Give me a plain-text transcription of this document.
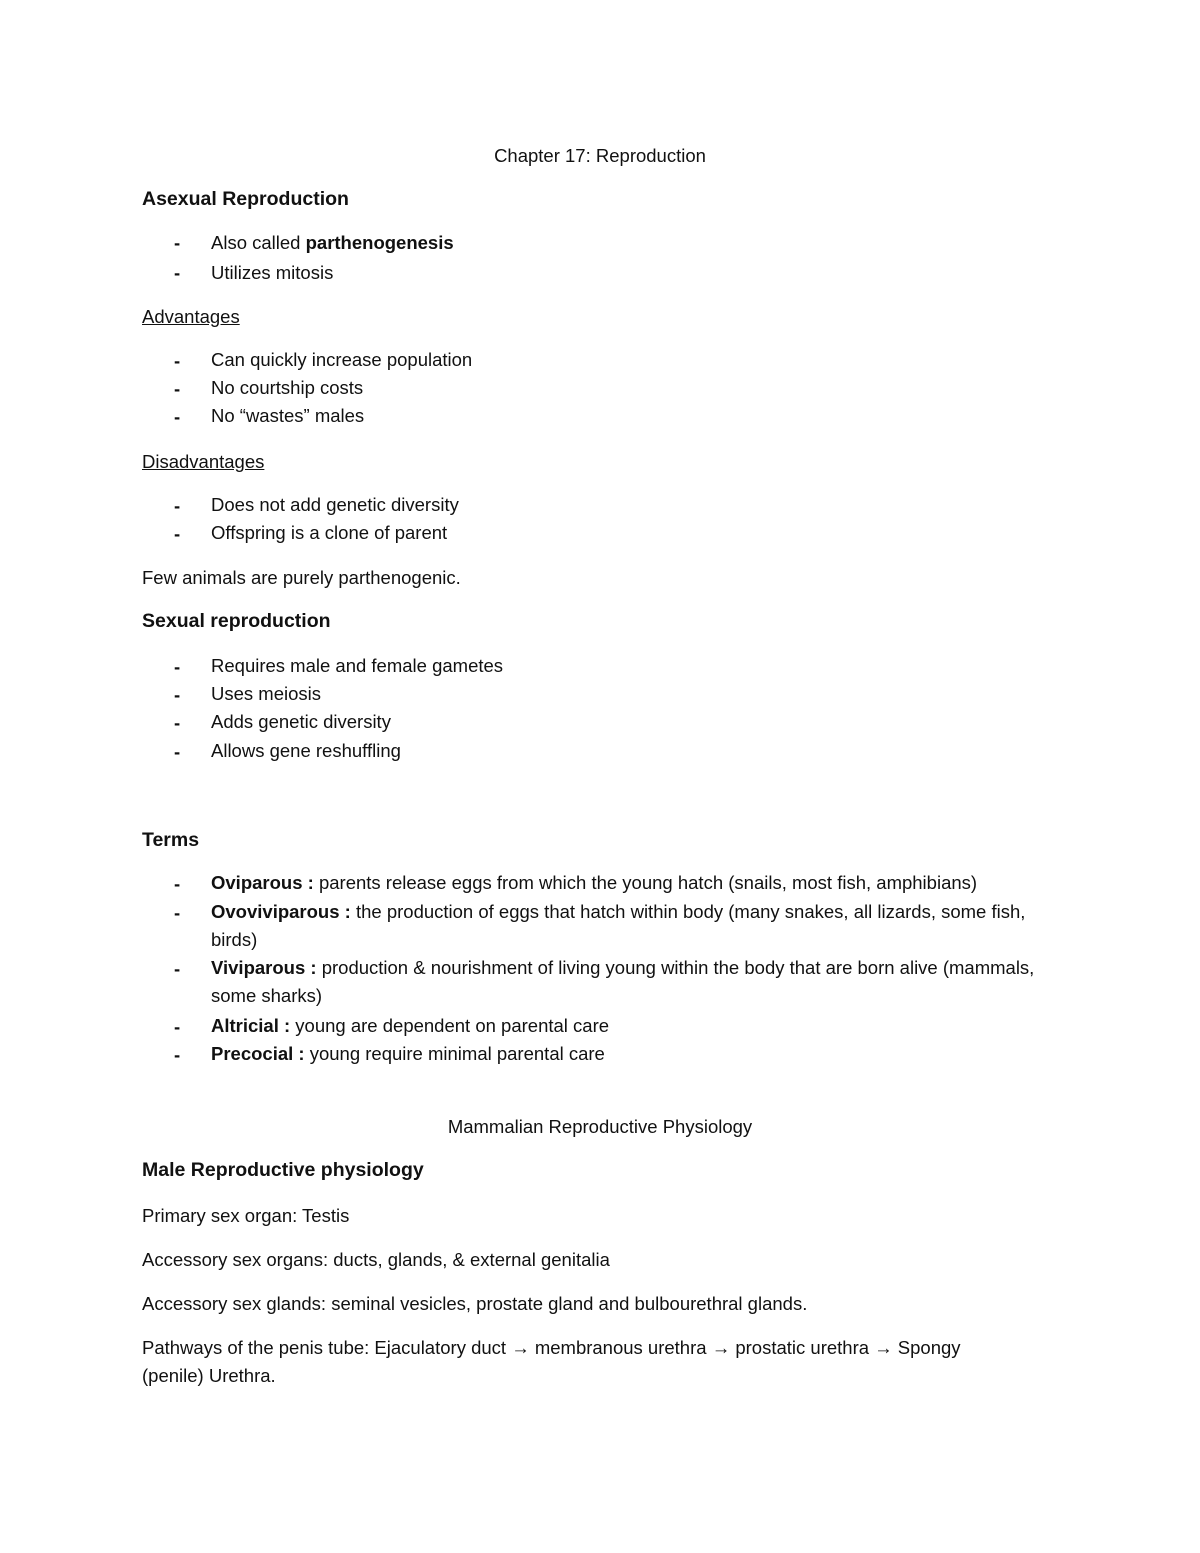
Chapter 17: Reproduction
Asexual Reproduction
- Also called parthenogenesis
- Utilizes mitosis
Advantages
- Can quickly increase population
- No courtship costs
- No “wastes” males
Disadvantages
- Does not add genetic diversity
- Offspring is a clone of parent
Few animals are purely parthenogenic.
Sexual reproduction
- Requires male and female gametes
- Uses meiosis
- Adds genetic diversity
- Allows gene reshuffling
Terms
- Oviparous : parents release eggs from which the young hatch (snails, most fish, amphibians)
- Ovoviviparous : the production of eggs that hatch within body (many snakes, all lizards, some fish, birds)
- Viviparous : production & nourishment of living young within the body that are born alive (mammals, some sharks)
- Altricial : young are dependent on parental care
- Precocial : young require minimal parental care
Mammalian Reproductive Physiology
Male Reproductive physiology
Primary sex organ: Testis
Accessory sex organs: ducts, glands, & external genitalia
Accessory sex glands: seminal vesicles, prostate gland and bulbourethral glands.
Pathways of the penis tube: Ejaculatory duct → membranous urethra → prostatic urethra → Spongy
(penile) Urethra.
